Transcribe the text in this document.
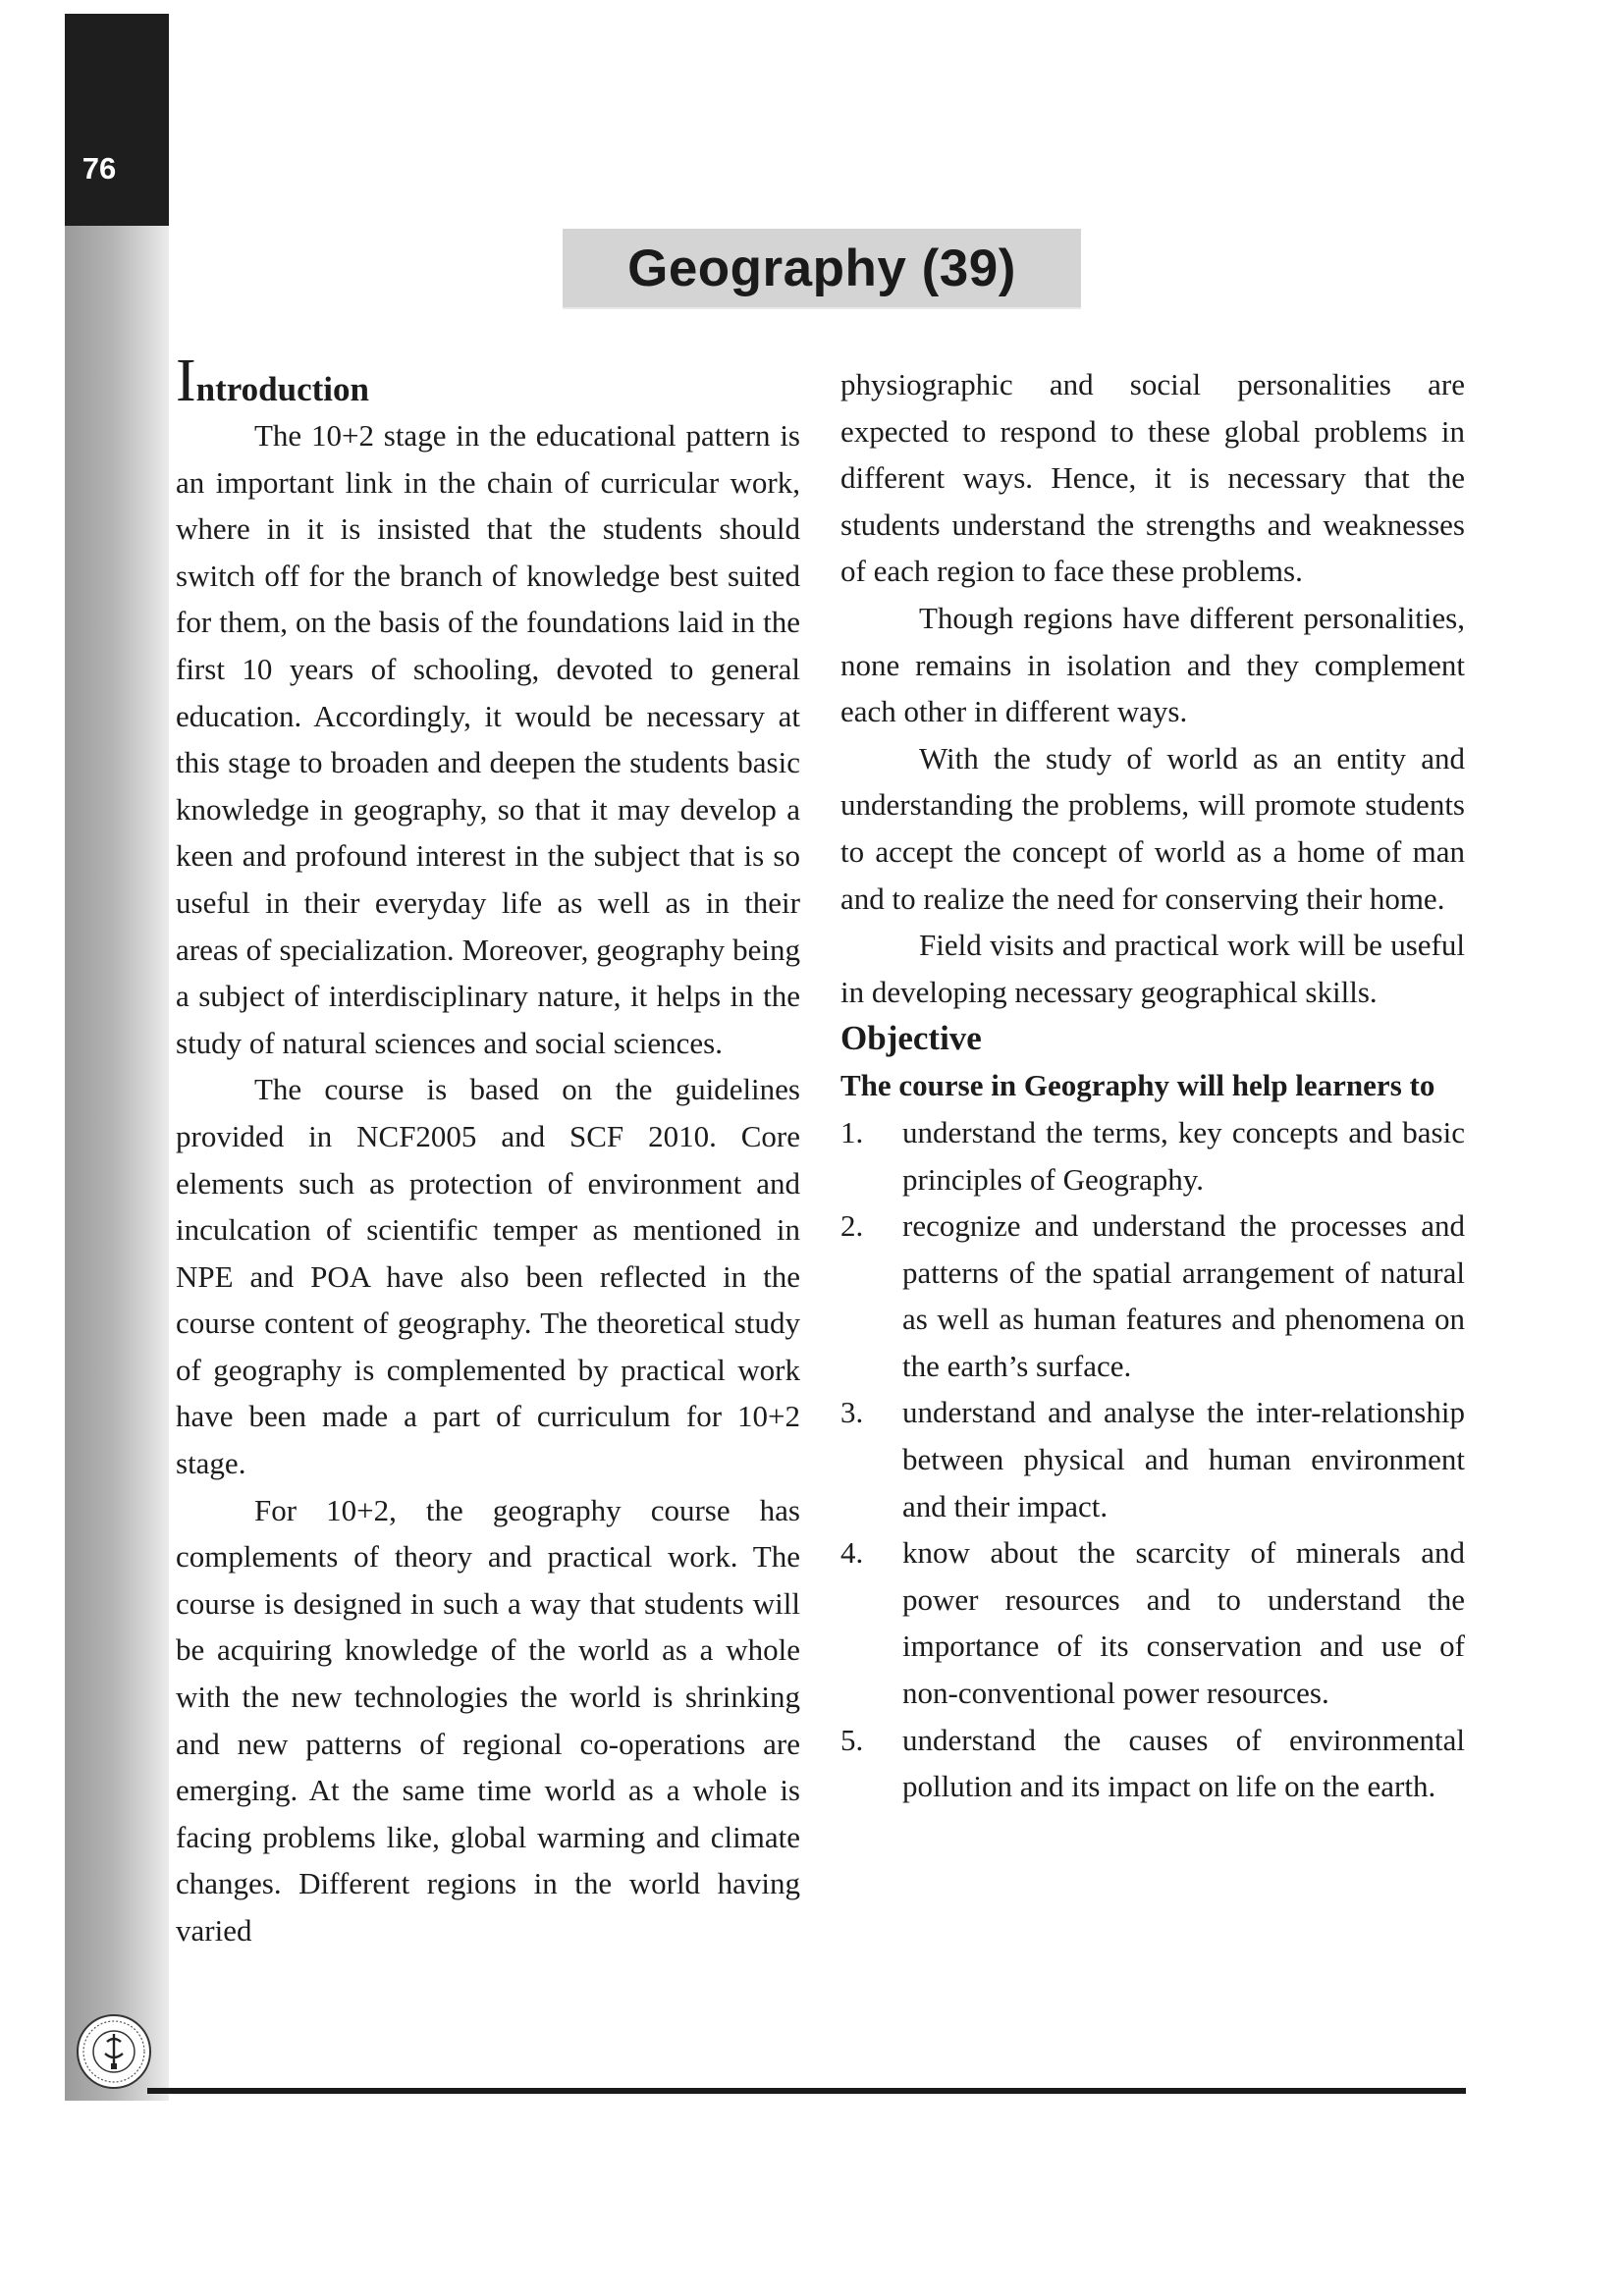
76
Geography (39)
Introduction

The 10+2 stage in the educational pattern is an important link in the chain of curricular work, where in it is insisted that the students should switch off for the branch of knowledge best suited for them, on the basis of the foundations laid in the first 10 years of schooling, devoted to general education. Accordingly, it would be necessary at this stage to broaden and deepen the students basic knowledge in geography, so that it may develop a keen and profound interest in the subject that is so useful in their everyday life as well as in their areas of specialization. Moreover, geography being a subject of interdisciplinary nature, it helps in the study of natural sciences and social sciences.

The course is based on the guidelines provided in NCF2005 and SCF 2010. Core elements such as protection of environment and inculcation of scientific temper as mentioned in NPE and POA have also been reflected in the course content of geography. The theoretical study of geography is complemented by practical work have been made a part of curriculum for 10+2 stage.

For 10+2, the geography course has complements of theory and practical work. The course is designed in such a way that students will be acquiring knowledge of the world as a whole with the new technologies the world is shrinking and new patterns of regional co-operations are emerging. At the same time world as a whole is facing problems like, global warming and climate changes. Different regions in the world having varied

physiographic and social personalities are expected to respond to these global problems in different ways. Hence, it is necessary that the students understand the strengths and weaknesses of each region to face these problems.

Though regions have different personalities, none remains in isolation and they complement each other in different ways.

With the study of world as an entity and understanding the problems, will promote students to accept the concept of world as a home of man and to realize the need for conserving their home.

Field visits and practical work will be useful in developing necessary geographical skills.

Objective

The course in Geography will help learners to

1.	understand the terms, key concepts and basic principles of Geography.
2.	recognize and understand the processes and patterns of the spatial arrangement of natural as well as human features and phenomena on the earth’s surface.
3.	understand and analyse the inter-relationship between physical and human environment and their impact.
4.	know about the scarcity of minerals and power resources and to understand the importance of its conservation and use of non-conventional power resources.
5.	understand the causes of environmental pollution and its impact on life on the earth.
